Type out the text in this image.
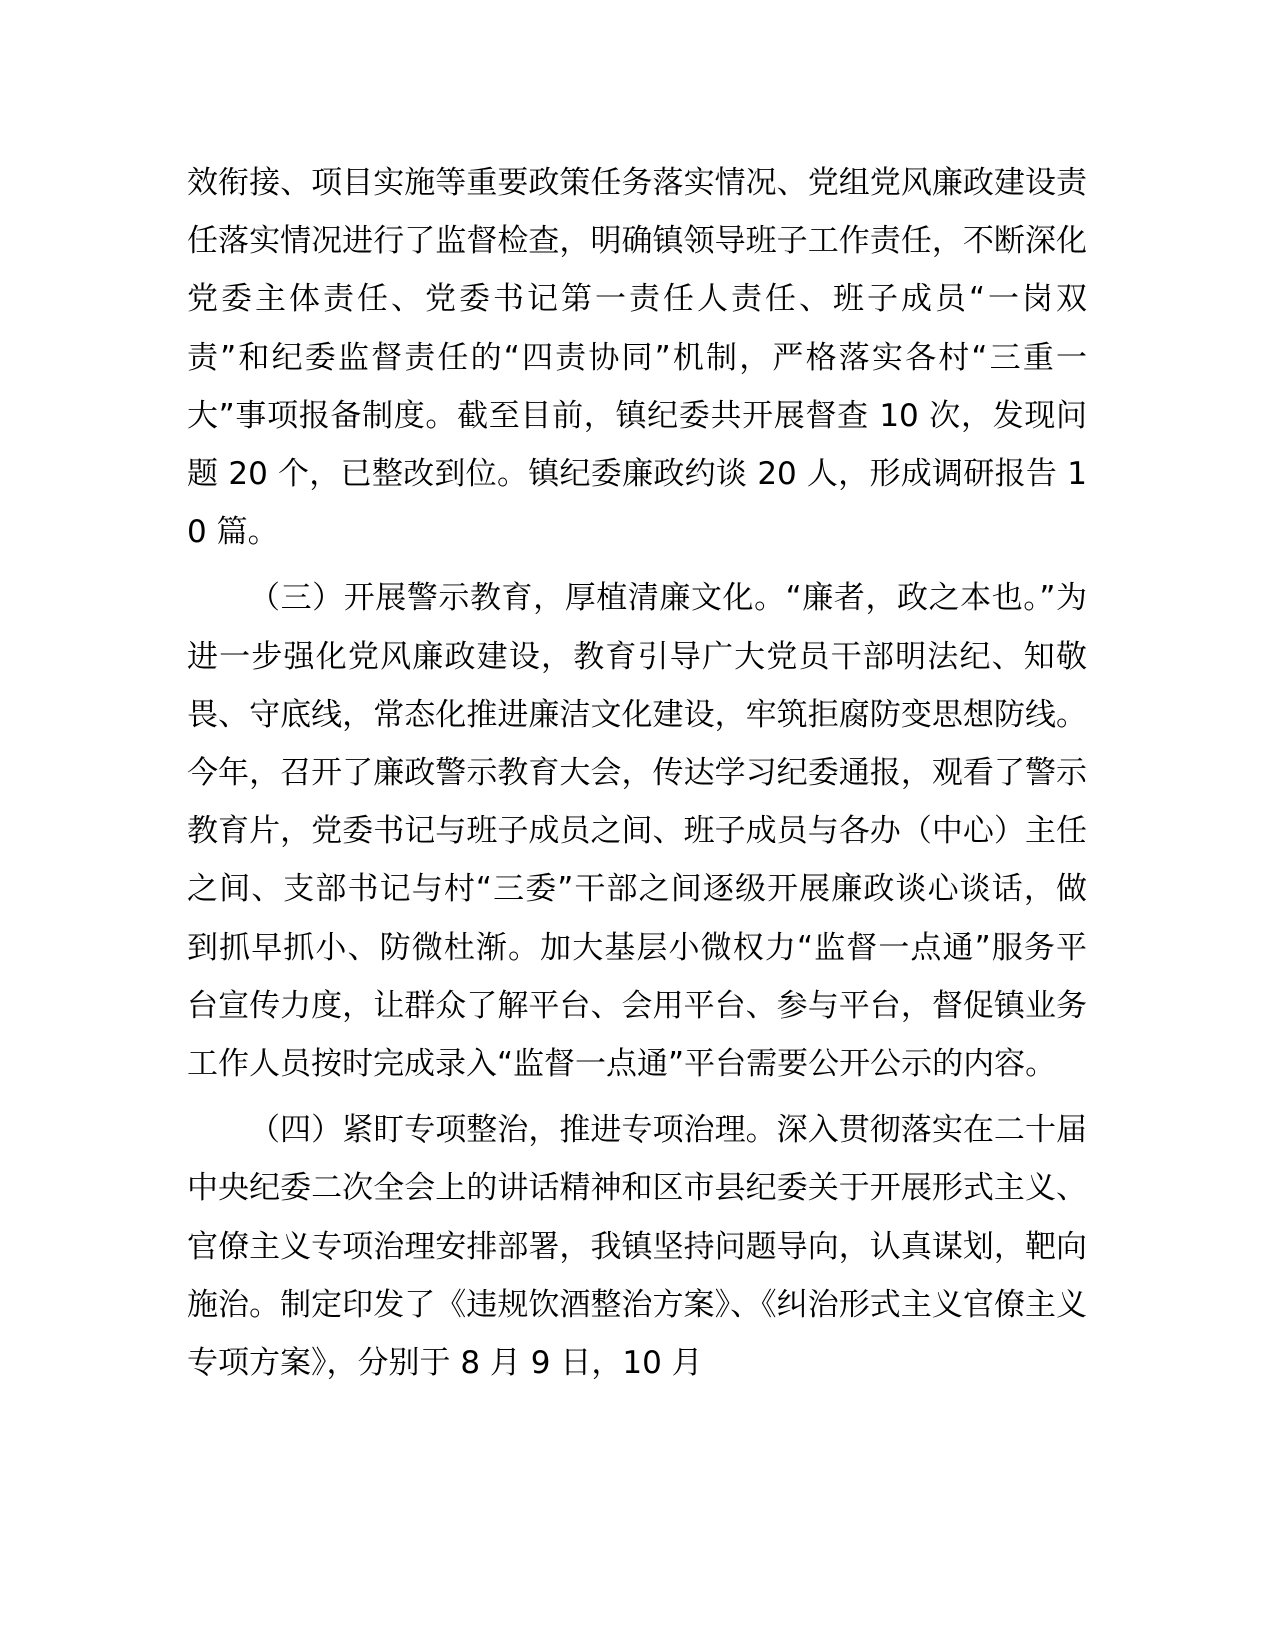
效衔接、项目实施等重要政策任务落实情况、党组党风廉政建设责任落实情况进行了监督检查，明确镇领导班子工作责任，不断深化党委主体责任、党委书记第一责任人责任、班子成员“一岗双责”和纪委监督责任的“四责协同”机制，严格落实各村“三重一大”事项报备制度。截至目前，镇纪委共开展督查 10 次，发现问题 20 个，已整改到位。镇纪委廉政约谈 20 人，形成调研报告 10 篇。

（三）开展警示教育，厚植清廉文化。“廉者，政之本也。”为进一步强化党风廉政建设，教育引导广大党员干部明法纪、知敬畏、守底线，常态化推进廉洁文化建设，牢筑拒腐防变思想防线。今年，召开了廉政警示教育大会，传达学习纪委通报，观看了警示教育片，党委书记与班子成员之间、班子成员与各办（中心）主任之间、支部书记与村“三委”干部之间逐级开展廉政谈心谈话，做到抓早抓小、防微杜渐。加大基层小微权力“监督一点通”服务平台宣传力度，让群众了解平台、会用平台、参与平台，督促镇业务工作人员按时完成录入“监督一点通”平台需要公开公示的内容。

（四）紧盯专项整治，推进专项治理。深入贯彻落实在二十届中央纪委二次全会上的讲话精神和区市县纪委关于开展形式主义、官僚主义专项治理安排部署，我镇坚持问题导向，认真谋划，靶向施治。制定印发了《违规饮酒整治方案》、《纠治形式主义官僚主义专项方案》，分别于 8 月 9 日，10 月
